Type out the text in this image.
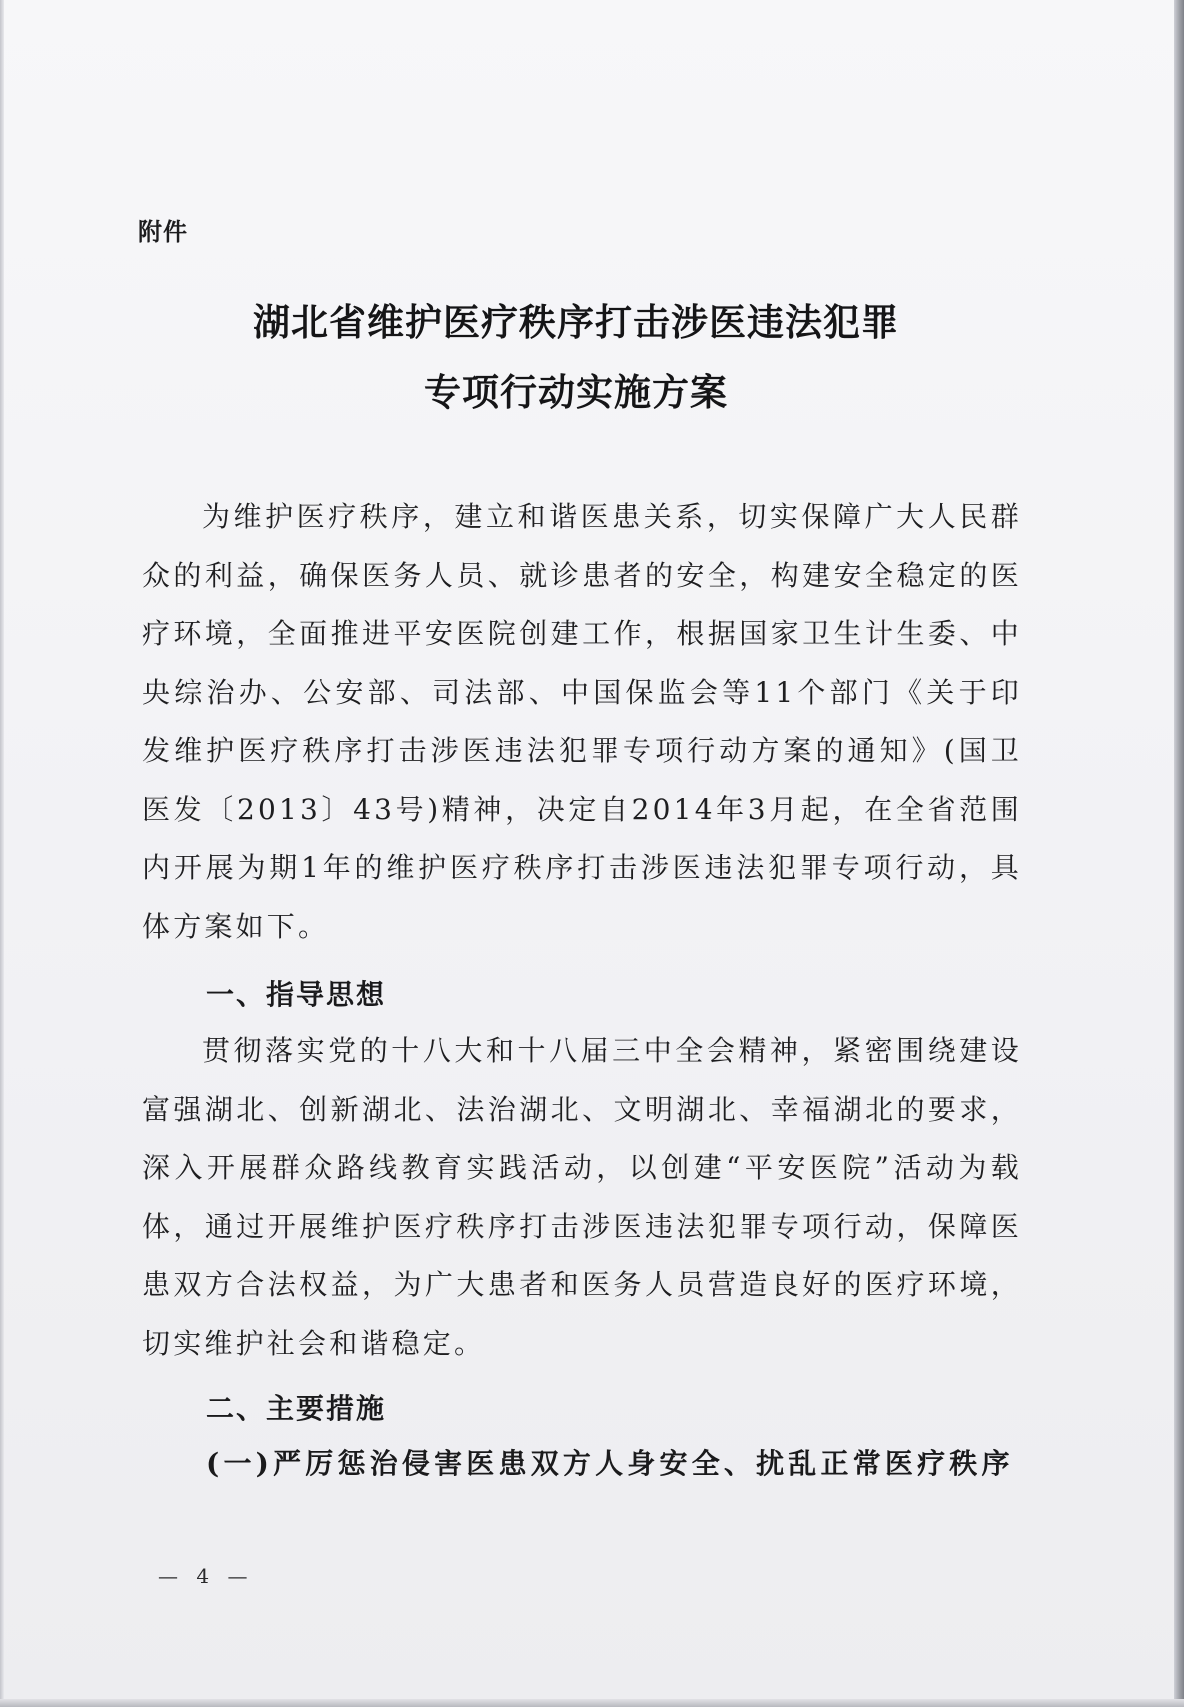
附件
湖北省维护医疗秩序打击涉医违法犯罪
专项行动实施方案

为维护医疗秩序，建立和谐医患关系，切实保障广大人民群众的利益，确保医务人员、就诊患者的安全，构建安全稳定的医疗环境，全面推进平安医院创建工作，根据国家卫生计生委、中央综治办、公安部、司法部、中国保监会等11个部门《关于印发维护医疗秩序打击涉医违法犯罪专项行动方案的通知》(国卫医发〔2013〕43号)精神，决定自2014年3月起，在全省范围内开展为期1年的维护医疗秩序打击涉医违法犯罪专项行动，具体方案如下。

一、指导思想

贯彻落实党的十八大和十八届三中全会精神，紧密围绕建设富强湖北、创新湖北、法治湖北、文明湖北、幸福湖北的要求，深入开展群众路线教育实践活动，以创建“平安医院”活动为载体，通过开展维护医疗秩序打击涉医违法犯罪专项行动，保障医患双方合法权益，为广大患者和医务人员营造良好的医疗环境，切实维护社会和谐稳定。

二、主要措施
(一)严厉惩治侵害医患双方人身安全、扰乱正常医疗秩序
— 4 —
